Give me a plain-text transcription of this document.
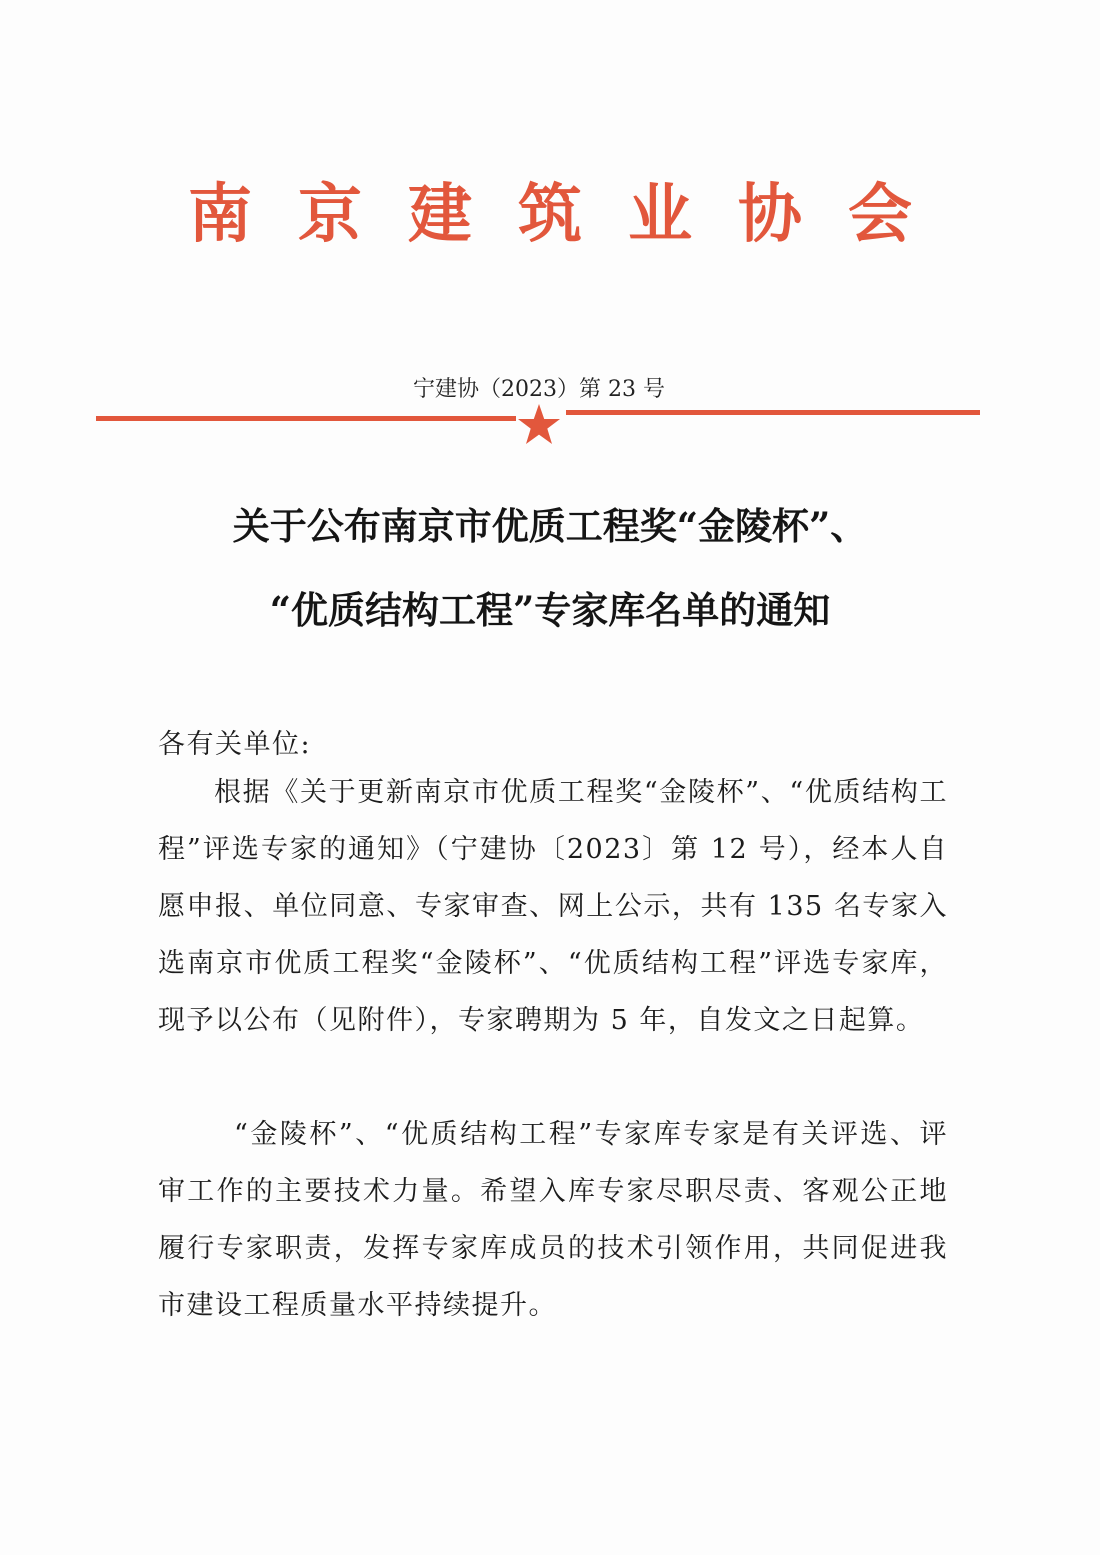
南 京 建 筑 业 协 会
宁建协（2023）第 23 号
关于公布南京市优质工程奖“金陵杯”、
“优质结构工程”专家库名单的通知
各有关单位:
根据《关于更新南京市优质工程奖“金陵杯”、“优质结构工程”评选专家的通知》（宁建协〔2023〕第 12 号），经本人自愿申报、单位同意、专家审查、网上公示，共有 135 名专家入选南京市优质工程奖“金陵杯”、“优质结构工程”评选专家库，现予以公布（见附件），专家聘期为 5 年，自发文之日起算。
“金陵杯”、“优质结构工程”专家库专家是有关评选、评审工作的主要技术力量。希望入库专家尽职尽责、客观公正地履行专家职责，发挥专家库成员的技术引领作用，共同促进我市建设工程质量水平持续提升。
